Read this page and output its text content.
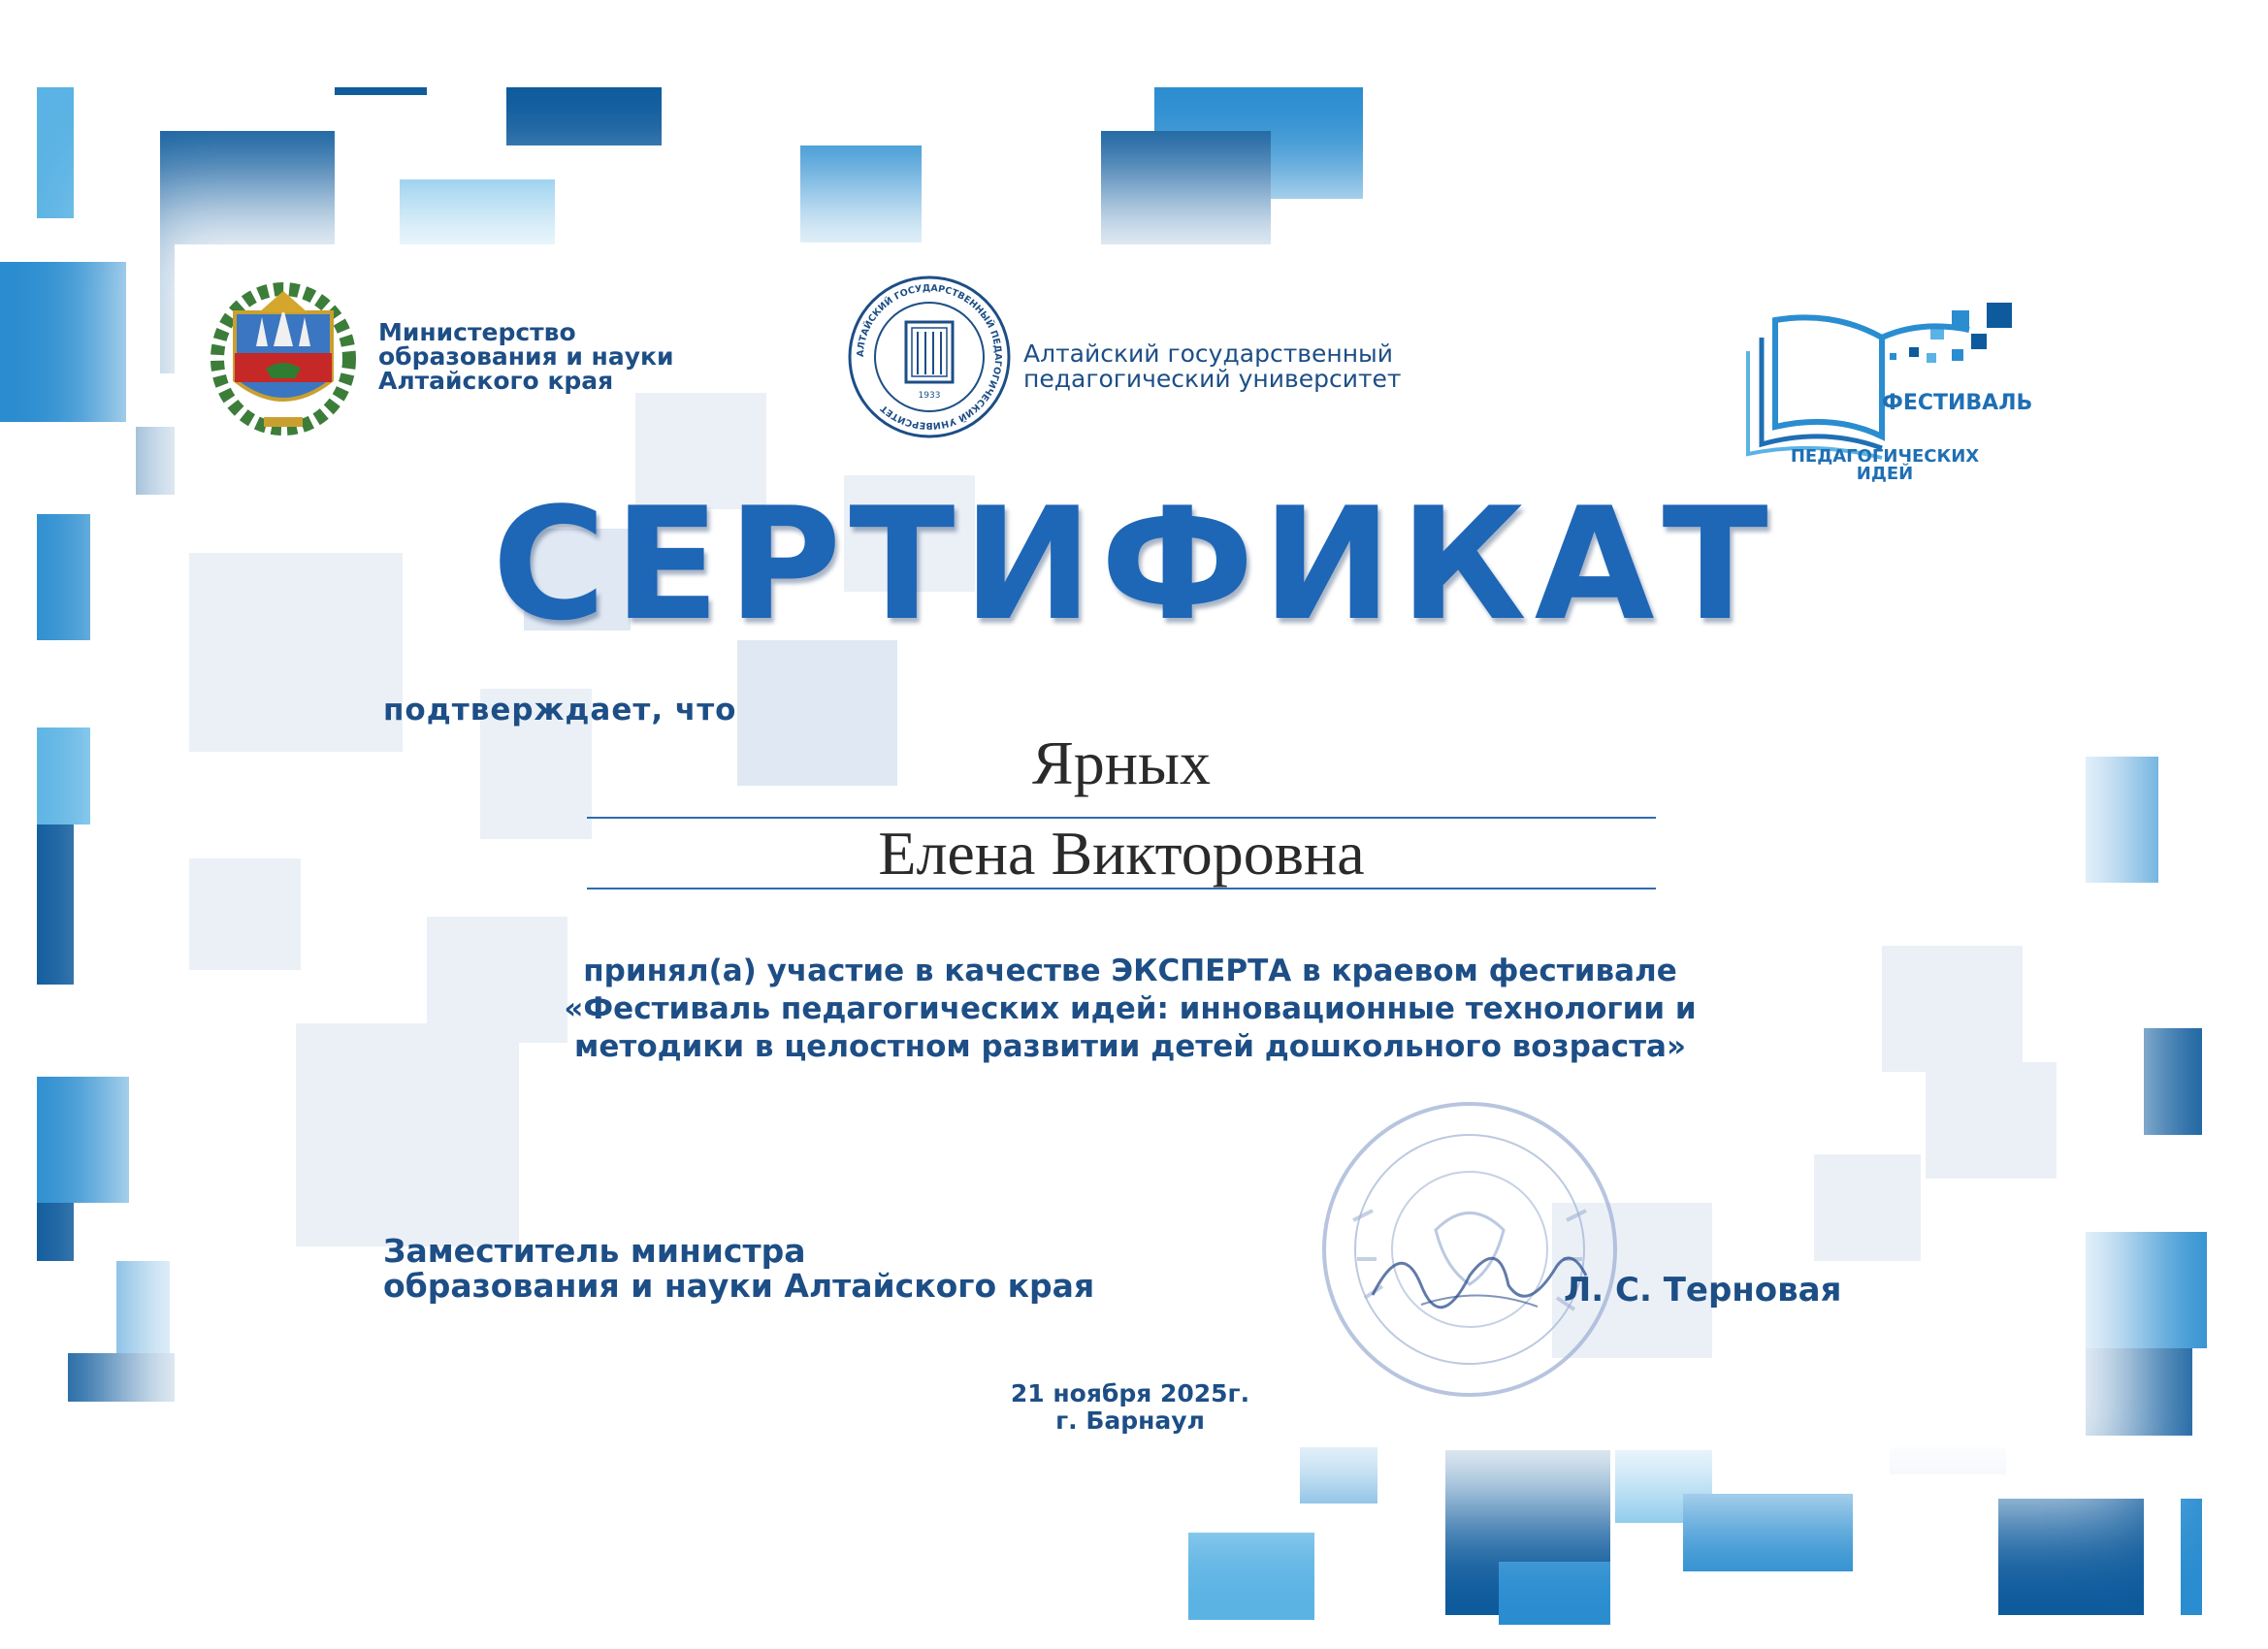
Министерство
образования и науки
Алтайского края
АЛТАЙСКИЙ ГОСУДАРСТВЕННЫЙ ПЕДАГОГИЧЕСКИЙ УНИВЕРСИТЕТ
1933
Алтайский государственный
педагогический университет
ФЕСТИВАЛЬ
ПЕДАГОГИЧЕСКИХ
ИДЕЙ
СЕРТИФИКАТ
подтверждает, что
Ярных
Елена Викторовна
принял(а) участие в качестве ЭКСПЕРТА в краевом фестивале
«Фестиваль педагогических идей: инновационные технологии и
методики в целостном развитии детей дошкольного возраста»
Заместитель министра
образования и науки Алтайского края	Л. С. Терновая
21 ноября 2025г.
г. Барнаул
